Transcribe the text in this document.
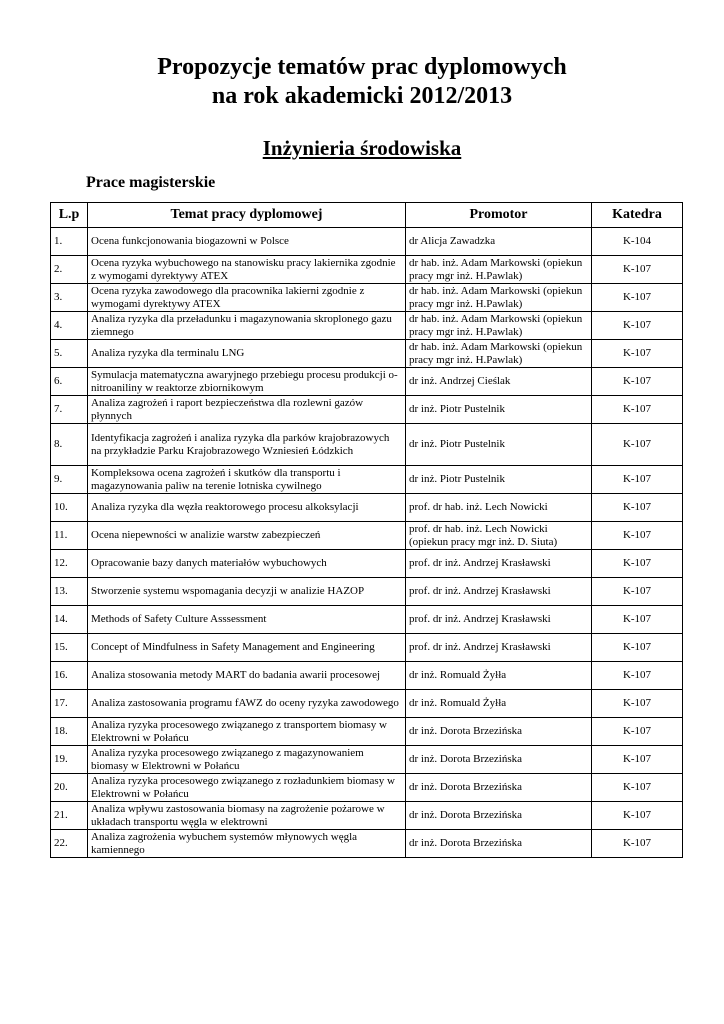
Propozycje tematów prac dyplomowych
na rok akademicki 2012/2013
Inżynieria środowiska
Prace magisterskie
L.p	Temat pracy dyplomowej	Promotor	Katedra
1.	Ocena funkcjonowania biogazowni w Polsce	dr Alicja Zawadzka	K-104
2.	Ocena ryzyka wybuchowego na stanowisku pracy lakiernika zgodnie z wymogami dyrektywy ATEX	dr hab. inż. Adam Markowski (opiekun pracy mgr inż. H.Pawlak)	K-107
3.	Ocena ryzyka zawodowego dla pracownika lakierni zgodnie z wymogami dyrektywy ATEX	dr hab. inż. Adam Markowski (opiekun pracy mgr inż. H.Pawlak)	K-107
4.	Analiza ryzyka dla przeładunku i magazynowania skroplonego gazu ziemnego	dr hab. inż. Adam Markowski (opiekun pracy mgr inż. H.Pawlak)	K-107
5.	Analiza ryzyka dla terminalu LNG	dr hab. inż. Adam Markowski (opiekun pracy mgr inż. H.Pawlak)	K-107
6.	Symulacja matematyczna awaryjnego przebiegu procesu produkcji o-nitroaniliny w reaktorze zbiornikowym	dr inż. Andrzej Cieślak	K-107
7.	Analiza zagrożeń i raport bezpieczeństwa dla rozlewni gazów płynnych	dr inż. Piotr Pustelnik	K-107
8.	Identyfikacja zagrożeń i analiza ryzyka dla parków krajobrazowych na przykładzie Parku Krajobrazowego Wzniesień Łódzkich	dr inż. Piotr Pustelnik	K-107
9.	Kompleksowa ocena zagrożeń i skutków dla transportu i magazynowania paliw na terenie lotniska cywilnego	dr inż. Piotr Pustelnik	K-107
10.	Analiza ryzyka dla węzła reaktorowego procesu alkoksylacji	prof. dr hab. inż. Lech Nowicki	K-107
11.	Ocena niepewności w analizie warstw zabezpieczeń	prof. dr hab. inż. Lech Nowicki (opiekun pracy mgr inż. D. Siuta)	K-107
12.	Opracowanie bazy danych materiałów wybuchowych	prof. dr inż. Andrzej Krasławski	K-107
13.	Stworzenie systemu wspomagania decyzji w analizie HAZOP	prof. dr inż. Andrzej Krasławski	K-107
14.	Methods of Safety Culture Asssessment	prof. dr inż. Andrzej Krasławski	K-107
15.	Concept of Mindfulness in Safety Management and Engineering	prof. dr inż. Andrzej Krasławski	K-107
16.	Analiza stosowania metody MART do badania awarii procesowej	dr inż. Romuald Żyłła	K-107
17.	Analiza zastosowania programu fAWZ do oceny ryzyka zawodowego	dr inż. Romuald Żyłła	K-107
18.	Analiza ryzyka procesowego związanego z transportem biomasy w Elektrowni w Połańcu	dr inż. Dorota Brzezińska	K-107
19.	Analiza ryzyka procesowego związanego z magazynowaniem biomasy w Elektrowni w Połańcu	dr inż. Dorota Brzezińska	K-107
20.	Analiza ryzyka procesowego związanego z rozładunkiem biomasy w Elektrowni w Połańcu	dr inż. Dorota Brzezińska	K-107
21.	Analiza wpływu zastosowania biomasy na zagrożenie pożarowe w układach transportu węgla w elektrowni	dr inż. Dorota Brzezińska	K-107
22.	Analiza zagrożenia wybuchem systemów młynowych węgla kamiennego	dr inż. Dorota Brzezińska	K-107
